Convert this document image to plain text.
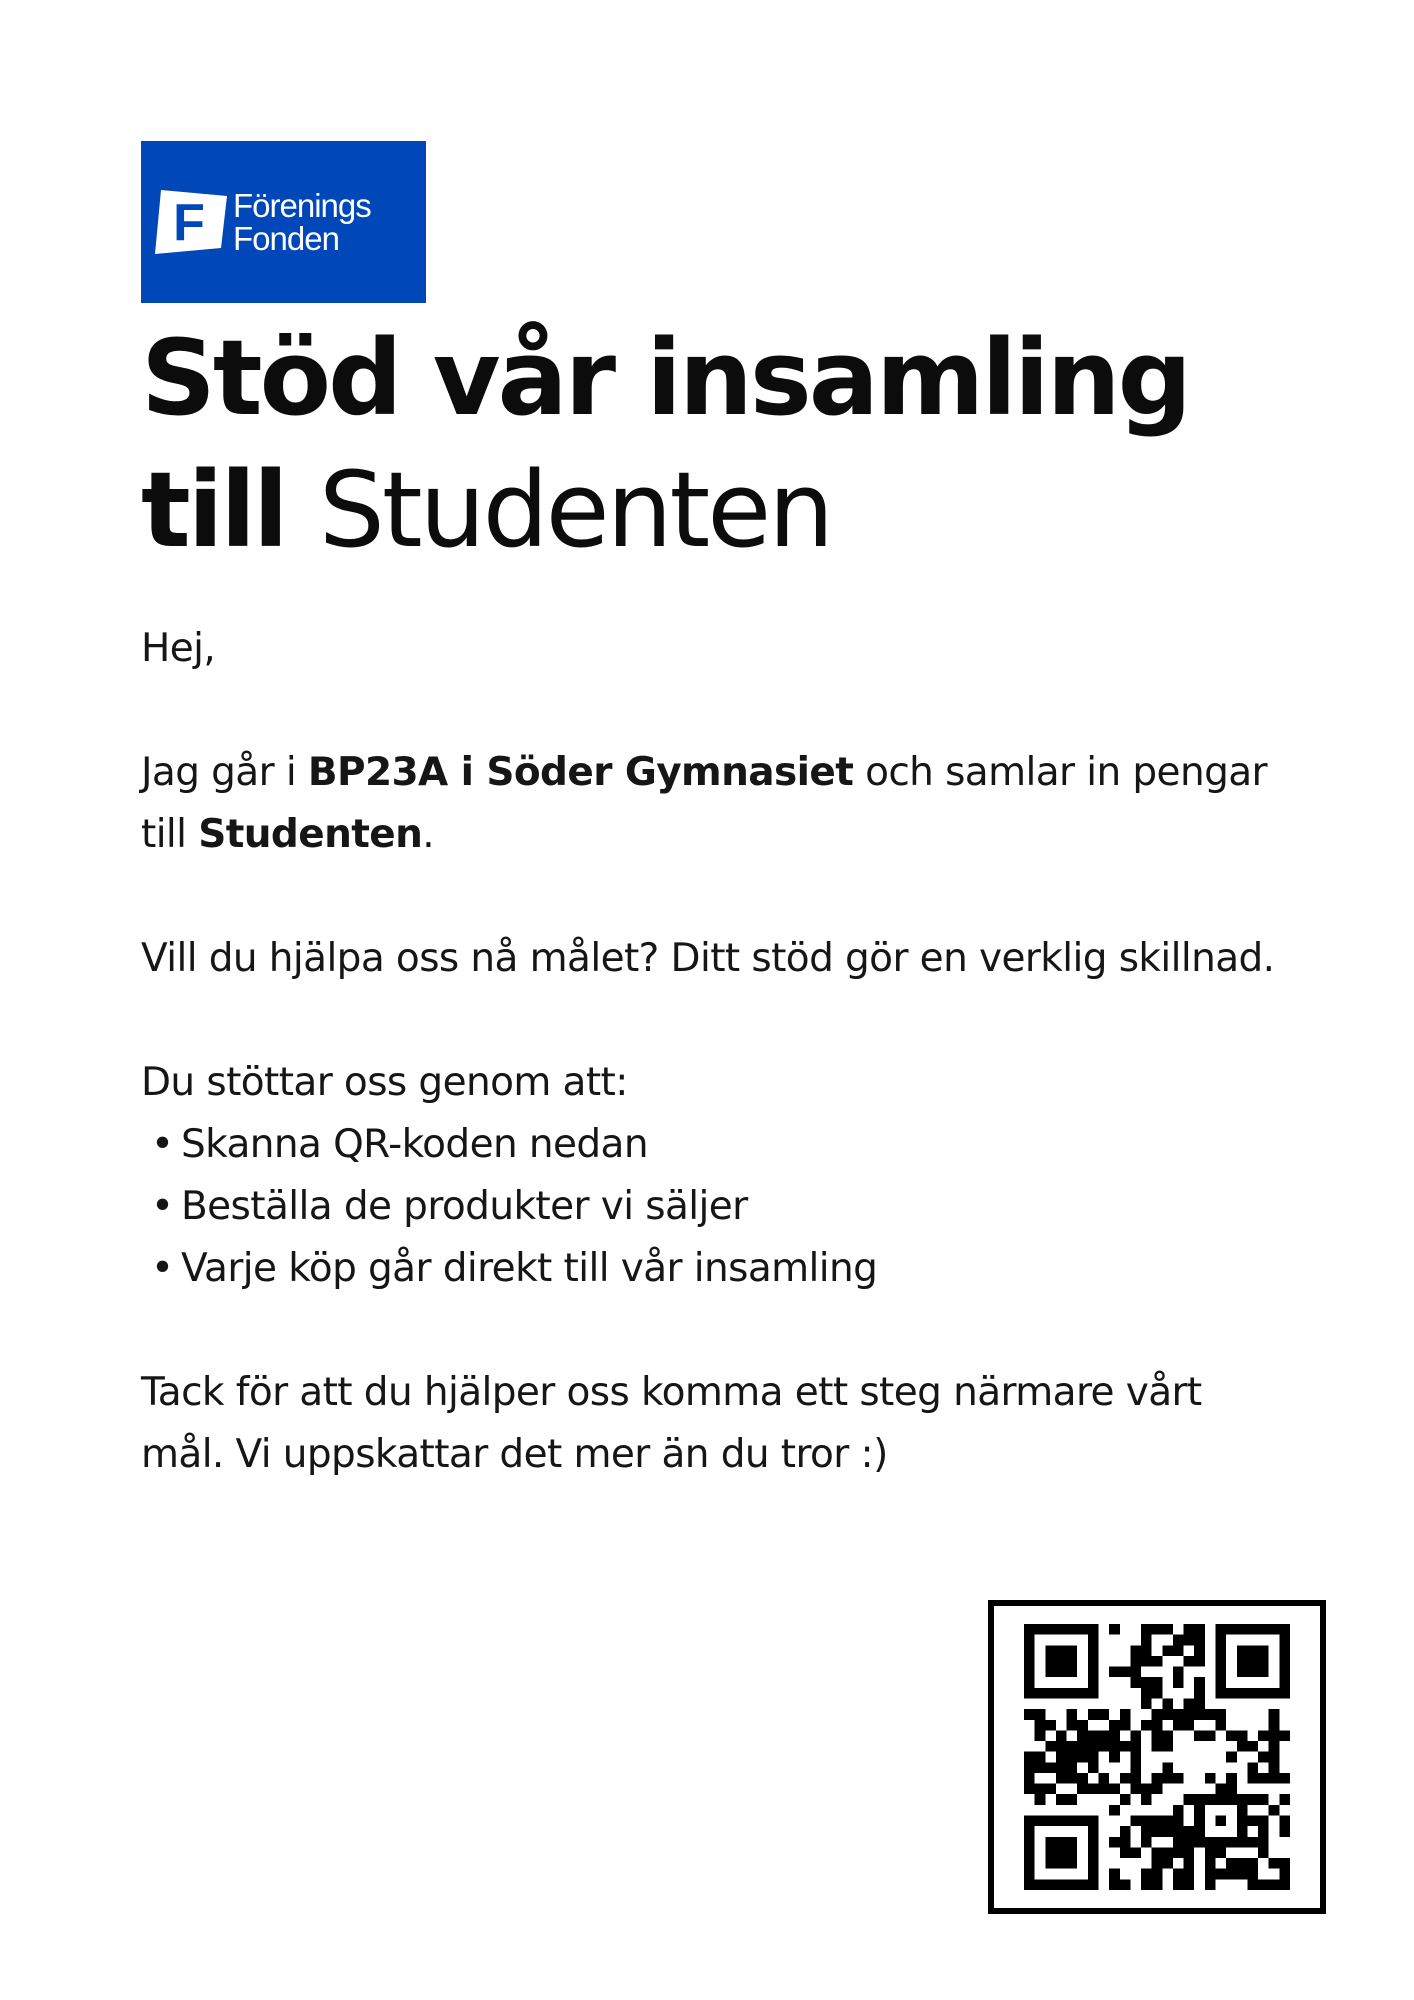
F Förenings
Fonden
Stöd vår insamling
till Studenten

Hej,

Jag går i BP23A i Söder Gymnasiet och samlar in pengar till Studenten.

Vill du hjälpa oss nå målet? Ditt stöd gör en verklig skillnad.

Du stöttar oss genom att:
• Skanna QR-koden nedan
• Beställa de produkter vi säljer
• Varje köp går direkt till vår insamling

Tack för att du hjälper oss komma ett steg närmare vårt mål. Vi uppskattar det mer än du tror :)
